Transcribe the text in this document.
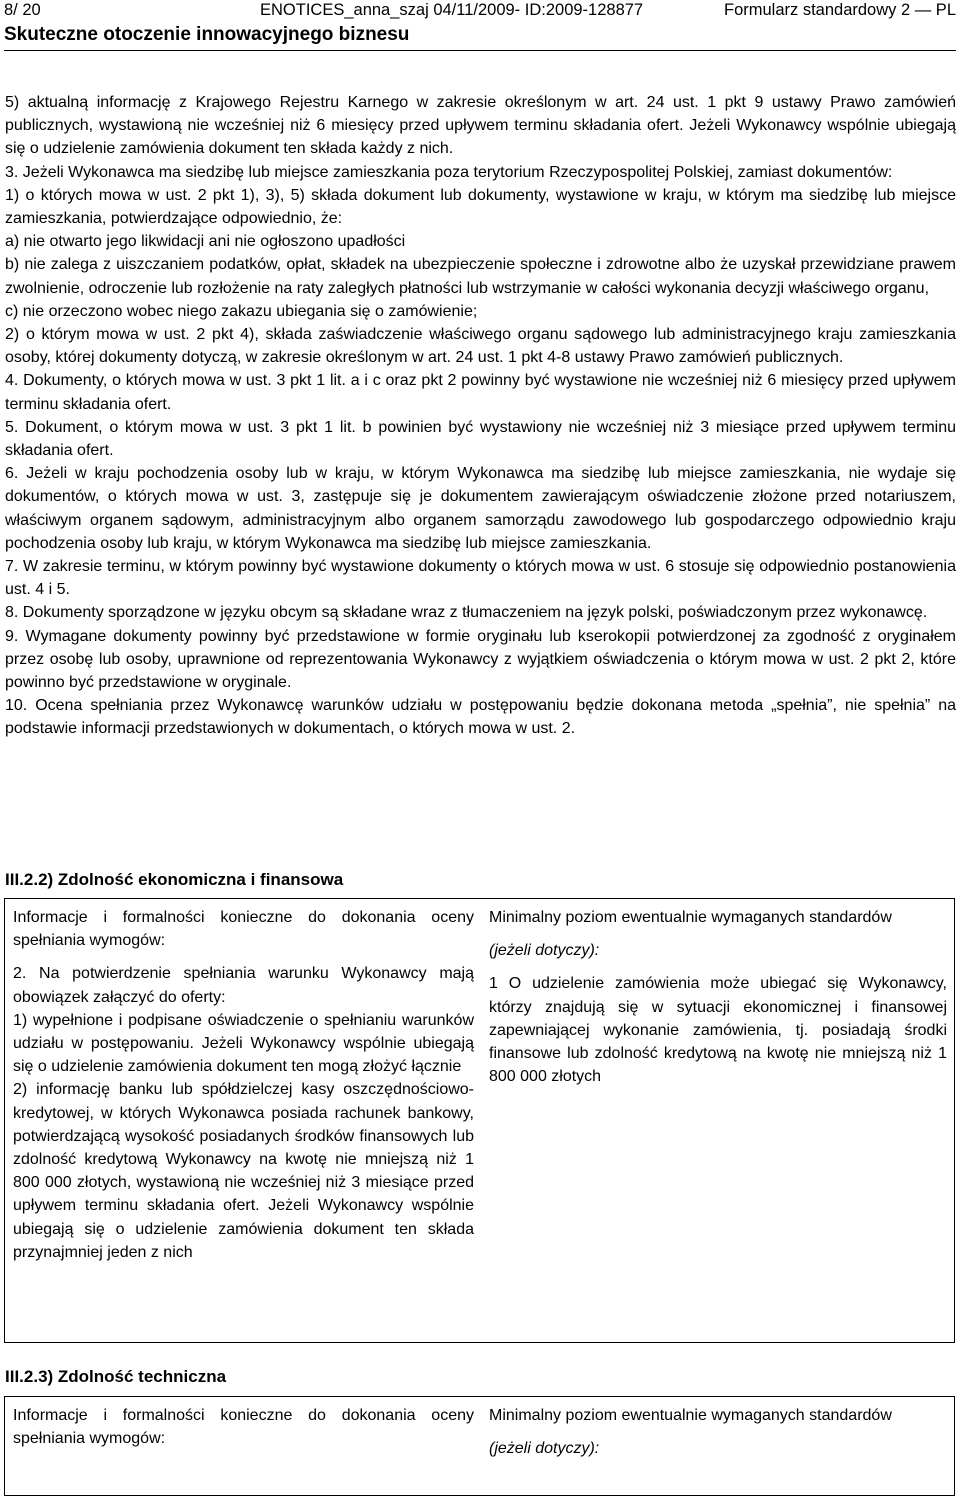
8/ 20	ENOTICES_anna_szaj 04/11/2009- ID:2009-128877	Formularz standardowy 2 — PL
Skuteczne otoczenie innowacyjnego biznesu

5) aktualną informację z Krajowego Rejestru Karnego w zakresie określonym w art. 24 ust. 1 pkt 9 ustawy Prawo zamówień publicznych, wystawioną nie wcześniej niż 6 miesięcy przed upływem terminu składania ofert. Jeżeli Wykonawcy wspólnie ubiegają się o udzielenie zamówienia dokument ten składa każdy z nich.

3. Jeżeli Wykonawca ma siedzibę lub miejsce zamieszkania poza terytorium Rzeczypospolitej Polskiej, zamiast dokumentów:

1) o których mowa w ust. 2 pkt 1), 3), 5) składa dokument lub dokumenty, wystawione w kraju, w którym ma siedzibę lub miejsce zamieszkania, potwierdzające odpowiednio, że:

a) nie otwarto jego likwidacji ani nie ogłoszono upadłości

b) nie zalega z uiszczaniem podatków, opłat, składek na ubezpieczenie społeczne i zdrowotne albo że uzyskał przewidziane prawem zwolnienie, odroczenie lub rozłożenie na raty zaległych płatności lub wstrzymanie w całości wykonania decyzji właściwego organu,

c) nie orzeczono wobec niego zakazu ubiegania się o zamówienie;

2) o którym mowa w ust. 2 pkt 4), składa zaświadczenie właściwego organu sądowego lub administracyjnego kraju zamieszkania osoby, której dokumenty dotyczą, w zakresie określonym w art. 24 ust. 1 pkt 4-8 ustawy Prawo zamówień publicznych.

4. Dokumenty, o których mowa w ust. 3 pkt 1 lit. a i c oraz pkt 2 powinny być wystawione nie wcześniej niż 6 miesięcy przed upływem terminu składania ofert.

5. Dokument, o którym mowa w ust. 3 pkt 1 lit. b powinien być wystawiony nie wcześniej niż 3 miesiące przed upływem terminu składania ofert.

6. Jeżeli w kraju pochodzenia osoby lub w kraju, w którym Wykonawca ma siedzibę lub miejsce zamieszkania, nie wydaje się dokumentów, o których mowa w ust. 3, zastępuje się je dokumentem zawierającym oświadczenie złożone przed notariuszem, właściwym organem sądowym, administracyjnym albo organem samorządu zawodowego lub gospodarczego odpowiednio kraju pochodzenia osoby lub kraju, w którym Wykonawca ma siedzibę lub miejsce zamieszkania.

7. W zakresie terminu, w którym powinny być wystawione dokumenty o których mowa w ust. 6 stosuje się odpowiednio postanowienia ust. 4 i 5.

8. Dokumenty sporządzone w języku obcym są składane wraz z tłumaczeniem na język polski, poświadczonym przez wykonawcę.

9. Wymagane dokumenty powinny być przedstawione w formie oryginału lub kserokopii potwierdzonej za zgodność z oryginałem przez osobę lub osoby, uprawnione od reprezentowania Wykonawcy z wyjątkiem oświadczenia o którym mowa w ust. 2 pkt 2, które powinno być przedstawione w oryginale.

10. Ocena spełniania przez Wykonawcę warunków udziału w postępowaniu będzie dokonana metoda „spełnia”, nie spełnia” na podstawie informacji przedstawionych w dokumentach, o których mowa w ust. 2.

III.2.2) Zdolność ekonomiczna i finansowa

Informacje i formalności konieczne do dokonania oceny spełniania wymogów:

2. Na potwierdzenie spełniania warunku Wykonawcy mają obowiązek załączyć do oferty:

1) wypełnione i podpisane oświadczenie o spełnianiu warunków udziału w postępowaniu. Jeżeli Wykonawcy wspólnie ubiegają się o udzielenie zamówienia dokument ten mogą złożyć łącznie

2) informację banku lub spółdzielczej kasy oszczędnościowo-kredytowej, w których Wykonawca posiada rachunek bankowy, potwierdzającą wysokość posiadanych środków finansowych lub zdolność kredytową Wykonawcy na kwotę nie mniejszą niż 1 800 000 złotych, wystawioną nie wcześniej niż 3 miesiące przed upływem terminu składania ofert. Jeżeli Wykonawcy wspólnie ubiegają się o udzielenie zamówienia dokument ten składa przynajmniej jeden z nich

Minimalny poziom ewentualnie wymaganych standardów

(jeżeli dotyczy):

1 O udzielenie zamówienia może ubiegać się Wykonawcy, którzy znajdują się w sytuacji ekonomicznej i finansowej zapewniającej wykonanie zamówienia, tj. posiadają środki finansowe lub zdolność kredytową na kwotę nie mniejszą niż 1 800 000 złotych

III.2.3) Zdolność techniczna

Informacje i formalności konieczne do dokonania oceny spełniania wymogów:

Minimalny poziom ewentualnie wymaganych standardów

(jeżeli dotyczy):
